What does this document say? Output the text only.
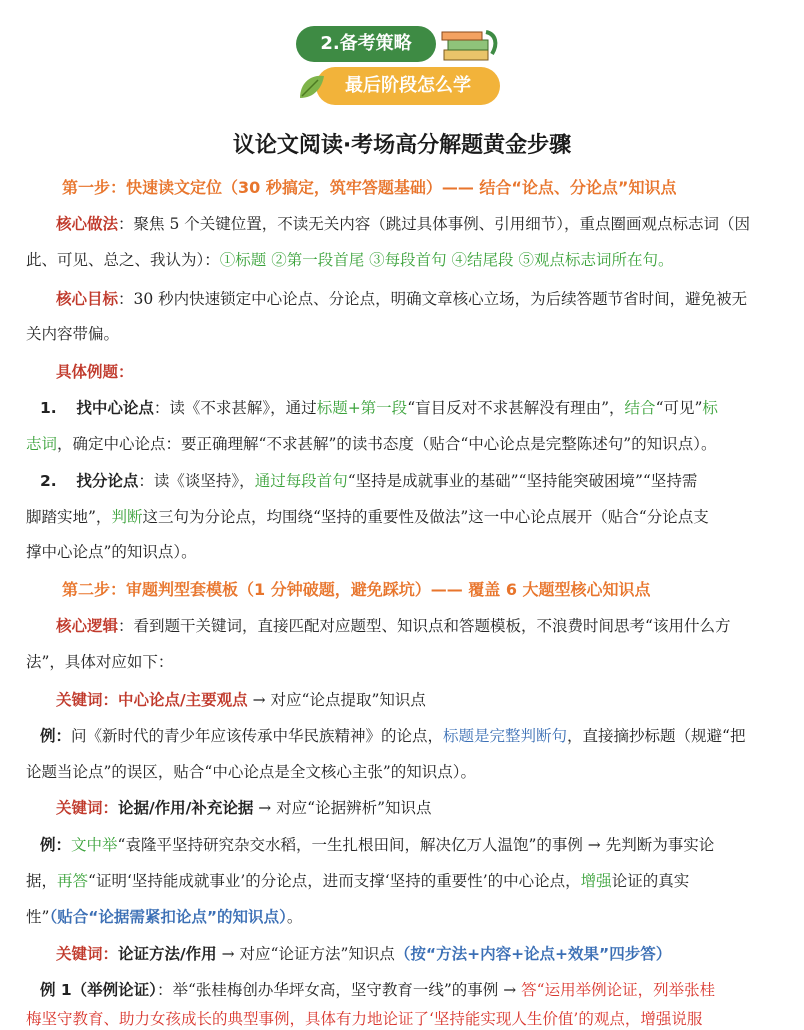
2.备考策略
最后阶段怎么学
议论文阅读·考场高分解题黄金步骤
第一步：快速读文定位（30 秒搞定，筑牢答题基础）—— 结合“论点、分论点”知识点
核心做法：聚焦 5 个关键位置，不读无关内容（跳过具体事例、引用细节），重点圈画观点标志词（因
此、可见、总之、我认为）：①标题 ②第一段首尾 ③每段首句 ④结尾段 ⑤观点标志词所在句。
核心目标：30 秒内快速锁定中心论点、分论点，明确文章核心立场，为后续答题节省时间，避免被无
关内容带偏。
具体例题：
1. 找中心论点：读《不求甚解》，通过标题+第一段“盲目反对不求甚解没有理由”，结合“可见”标
志词，确定中心论点：要正确理解“不求甚解”的读书态度（贴合“中心论点是完整陈述句”的知识点）。
2. 找分论点：读《谈坚持》，通过每段首句“坚持是成就事业的基础”“坚持能突破困境”“坚持需
脚踏实地”，判断这三句为分论点，均围绕“坚持的重要性及做法”这一中心论点展开（贴合“分论点支
撑中心论点”的知识点）。
第二步：审题判型套模板（1 分钟破题，避免踩坑）—— 覆盖 6 大题型核心知识点
核心逻辑：看到题干关键词，直接匹配对应题型、知识点和答题模板，不浪费时间思考“该用什么方
法”，具体对应如下：
关键词：中心论点/主要观点 → 对应“论点提取”知识点
例：问《新时代的青少年应该传承中华民族精神》的论点，标题是完整判断句，直接摘抄标题（规避“把
论题当论点”的误区，贴合“中心论点是全文核心主张”的知识点）。
关键词：论据/作用/补充论据 → 对应“论据辨析”知识点
例：文中举“袁隆平坚持研究杂交水稻，一生扎根田间，解决亿万人温饱”的事例 → 先判断为事实论
据，再答“证明‘坚持能成就事业’的分论点，进而支撑‘坚持的重要性’的中心论点，增强论证的真实
性”（贴合“论据需紧扣论点”的知识点）。
关键词：论证方法/作用 → 对应“论证方法”知识点（按“方法+内容+论点+效果”四步答）
例 1（举例论证）：举“张桂梅创办华坪女高，坚守教育一线”的事例 → 答“运用举例论证，列举张桂
梅坚守教育、助力女孩成长的典型事例，具体有力地论证了‘坚持能实现人生价值’的观点，增强说服
